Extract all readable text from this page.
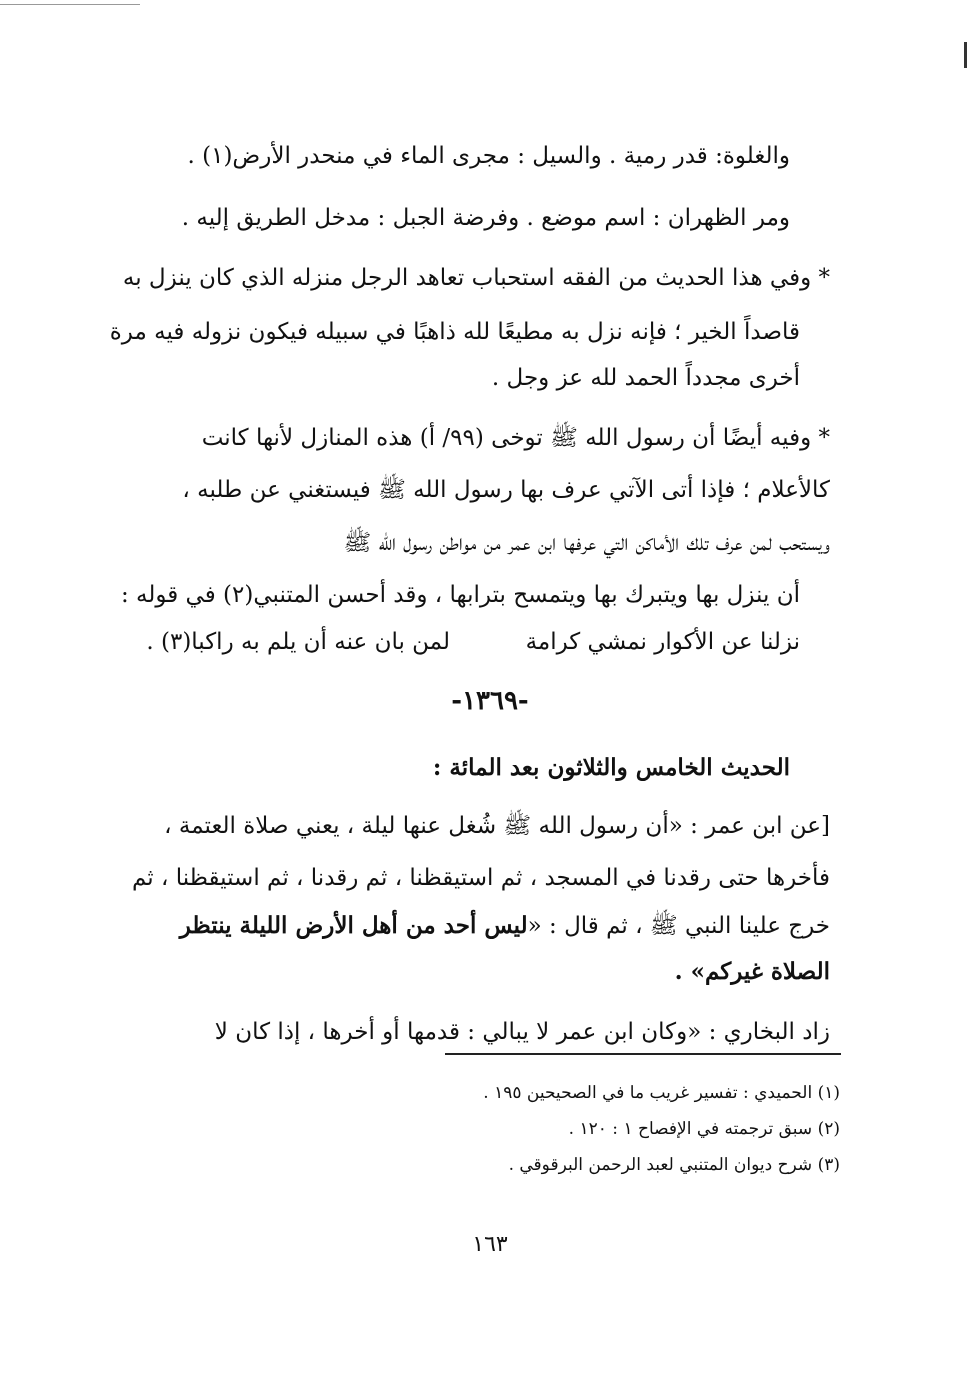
والغلوة: قدر رمية . والسيل : مجرى الماء في منحدر الأرض(١) .
ومر الظهران : اسم موضع . وفرضة الجبل : مدخل الطريق إليه .
* وفي هذا الحديث من الفقه استحباب تعاهد الرجل منزله الذي كان ينزل به
قاصداً الخير ؛ فإنه نزل به مطيعًا لله ذاهبًا في سبيله فيكون نزوله فيه مرة
أخرى مجدداً الحمد لله عز وجل .
* وفيه أيضًا أن رسول الله ﷺ توخى (٩٩/ أ) هذه المنازل لأنها كانت
كالأعلام ؛ فإذا أتى الآتي عرف بها رسول الله ﷺ فيستغني عن طلبه ،
ويستحب لمن عرف تلك الأماكن التي عرفها ابن عمر من مواطن رسول الله ﷺ
أن ينزل بها ويتبرك بها ويتمسح بترابها ، وقد أحسن المتنبي(٢) في قوله :
نزلنا عن الأكوار نمشي كرامة
لمن بان عنه أن يلم به راكبا(٣) .
-١٣٦٩-
الحديث الخامس والثلاثون بعد المائة :
[عن ابن عمر : «أن رسول الله ﷺ شُغل عنها ليلة ، يعني صلاة العتمة ،
فأخرها حتى رقدنا في المسجد ، ثم استيقظنا ، ثم رقدنا ، ثم استيقظنا ، ثم
خرج علينا النبي ﷺ ، ثم قال : «ليس أحد من أهل الأرض الليلة ينتظر
الصلاة غيركم» .
زاد البخاري : «وكان ابن عمر لا يبالي : قدمها أو أخرها ، إذا كان لا
(١) الحميدي : تفسير غريب ما في الصحيحين ١٩٥ .
(٢) سبق ترجمته في الإفصاح ١ : ١٢٠ .
(٣) شرح ديوان المتنبي لعبد الرحمن البرقوقي .
١٦٣
